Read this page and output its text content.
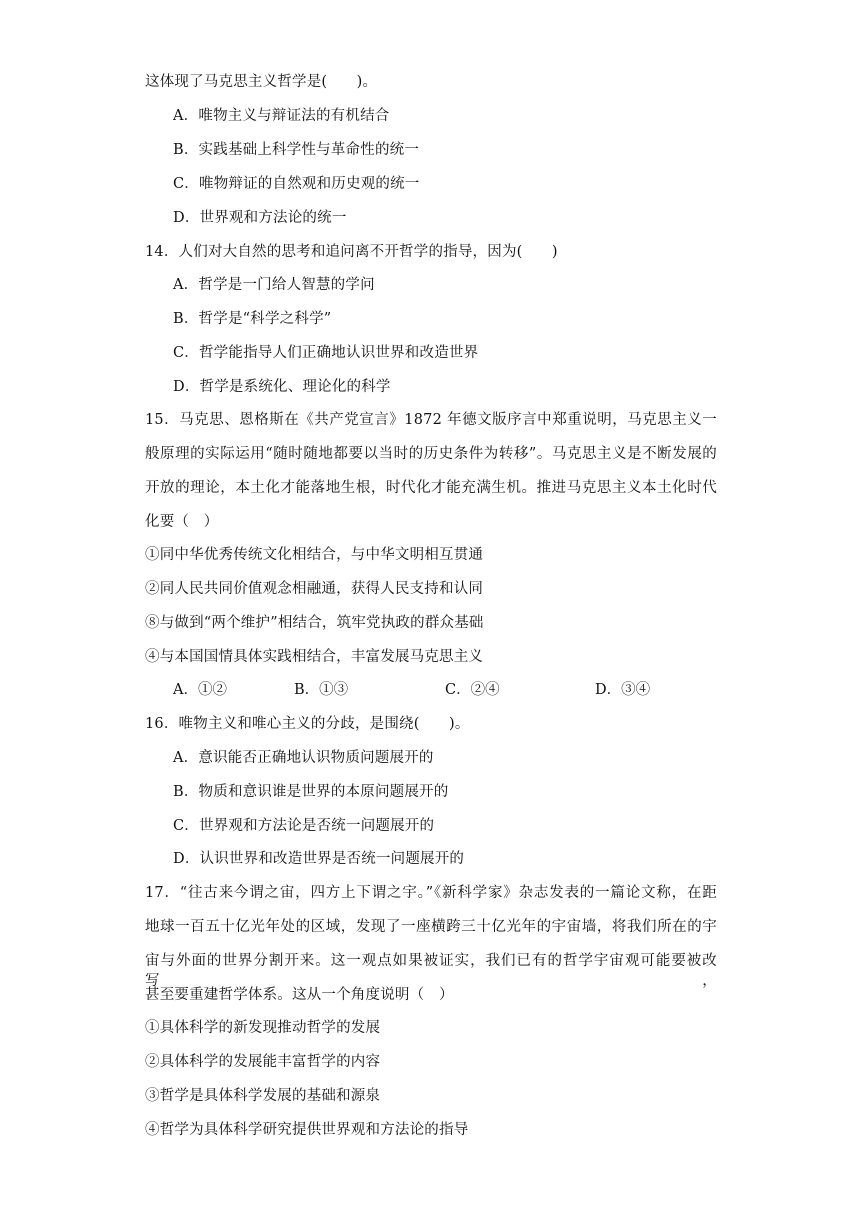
这体现了马克思主义哲学是(　　)。
A．唯物主义与辩证法的有机结合
B．实践基础上科学性与革命性的统一
C．唯物辩证的自然观和历史观的统一
D．世界观和方法论的统一
14．人们对大自然的思考和追问离不开哲学的指导，因为(　　)
A．哲学是一门给人智慧的学问
B．哲学是“科学之科学”
C．哲学能指导人们正确地认识世界和改造世界
D．哲学是系统化、理论化的科学
15．马克思、恩格斯在《共产党宣言》1872 年德文版序言中郑重说明，马克思主义一
般原理的实际运用“随时随地都要以当时的历史条件为转移”。马克思主义是不断发展的
开放的理论，本土化才能落地生根，时代化才能充满生机。推进马克思主义本土化时代
化要（　）
①同中华优秀传统文化相结合，与中华文明相互贯通
②同人民共同价值观念相融通，获得人民支持和认同
⑧与做到“两个维护”相结合，筑牢党执政的群众基础
④与本国国情具体实践相结合，丰富发展马克思主义
A．①②	B．①③	C．②④	D．③④
16．唯物主义和唯心主义的分歧，是围绕(　　)。
A．意识能否正确地认识物质问题展开的
B．物质和意识谁是世界的本原问题展开的
C．世界观和方法论是否统一问题展开的
D．认识世界和改造世界是否统一问题展开的
17．“往古来今谓之宙，四方上下谓之宇。”《新科学家》杂志发表的一篇论文称，在距
地球一百五十亿光年处的区域，发现了一座横跨三十亿光年的宇宙墙，将我们所在的宇
宙与外面的世界分割开来。这一观点如果被证实，我们已有的哲学宇宙观可能要被改写，
甚至要重建哲学体系。这从一个角度说明（　）
①具体科学的新发现推动哲学的发展
②具体科学的发展能丰富哲学的内容
③哲学是具体科学发展的基础和源泉
④哲学为具体科学研究提供世界观和方法论的指导
